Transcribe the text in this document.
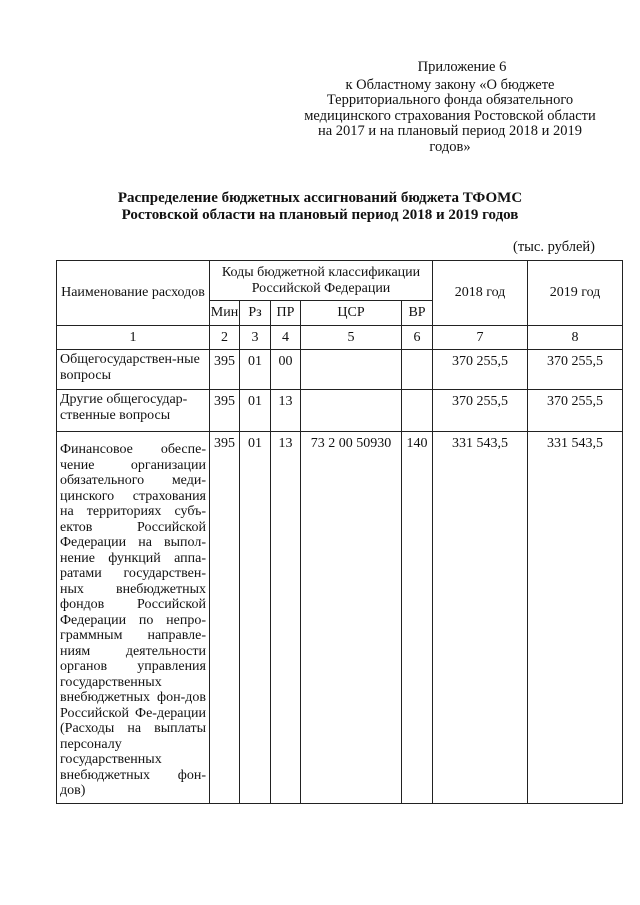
Приложение 6
к Областному закону «О бюджете Территориального фонда обязательного медицинского страхования Ростовской области на 2017 и на плановый период 2018 и 2019 годов»
Распределение бюджетных ассигнований бюджета ТФОМС
Ростовской области на плановый период 2018 и 2019 годов
(тыс. рублей)
Наименование расходов	Коды бюджетной классификации Российской Федерации					2018 год	2019 год
	Мин	Рз	ПР	ЦСР	ВР		
1	2	3	4	5	6	7	8
Общегосударствен-ные вопросы	395	01	00			370 255,5	370 255,5
Другие общегосудар-ственные вопросы	395	01	13			370 255,5	370 255,5
Финансовое обеспе-чение организации обязательного меди-цинского страхования на территориях субъ-ектов Российской Федерации на выпол-нение функций аппа-ратами государствен-ных внебюджетных фондов Российской Федерации по непро-граммным направле-ниям деятельности органов управления государственных внебюджетных фон-дов Российской Фе-дерации (Расходы на выплаты персоналу государственных внебюджетных фон-дов)	395	01	13	73 2 00 50930	140	331 543,5	331 543,5
